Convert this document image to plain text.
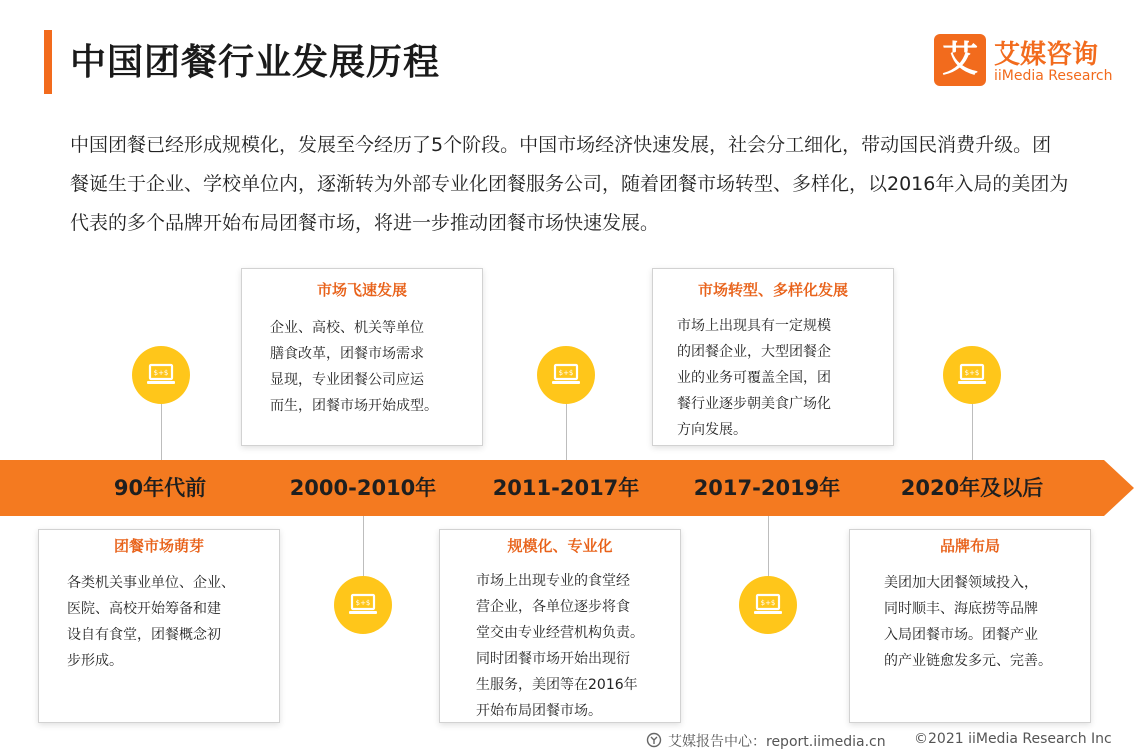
中国团餐行业发展历程	艾 艾媒咨询
iiMedia Research
中国团餐已经形成规模化，发展至今经历了5个阶段。中国市场经济快速发展，社会分工细化，带动国民消费升级。团餐诞生于企业、学校单位内，逐渐转为外部专业化团餐服务公司，随着团餐市场转型、多样化，以2016年入局的美团为代表的多个品牌开始布局团餐市场，将进一步推动团餐市场快速发展。
90年代前	2000-2010年	2011-2017年	2017-2019年	2020年及以后
$+$
$+$
$+$
$+$
$+$
团餐市场萌芽
各类机关事业单位、企业、
医院、高校开始筹备和建
设自有食堂，团餐概念初
步形成。
市场飞速发展
企业、高校、机关等单位
膳食改革，团餐市场需求
显现，专业团餐公司应运
而生，团餐市场开始成型。
规模化、专业化
市场上出现专业的食堂经
营企业，各单位逐步将食
堂交由专业经营机构负责。
同时团餐市场开始出现衍
生服务，美团等在2016年
开始布局团餐市场。
市场转型、多样化发展
市场上出现具有一定规模
的团餐企业，大型团餐企
业的业务可覆盖全国，团
餐行业逐步朝美食广场化
方向发展。
品牌布局
美团加大团餐领域投入，
同时顺丰、海底捞等品牌
入局团餐市场。团餐产业
的产业链愈发多元、完善。
艾媒报告中心：report.iimedia.cn ©2021 iiMedia Research Inc
